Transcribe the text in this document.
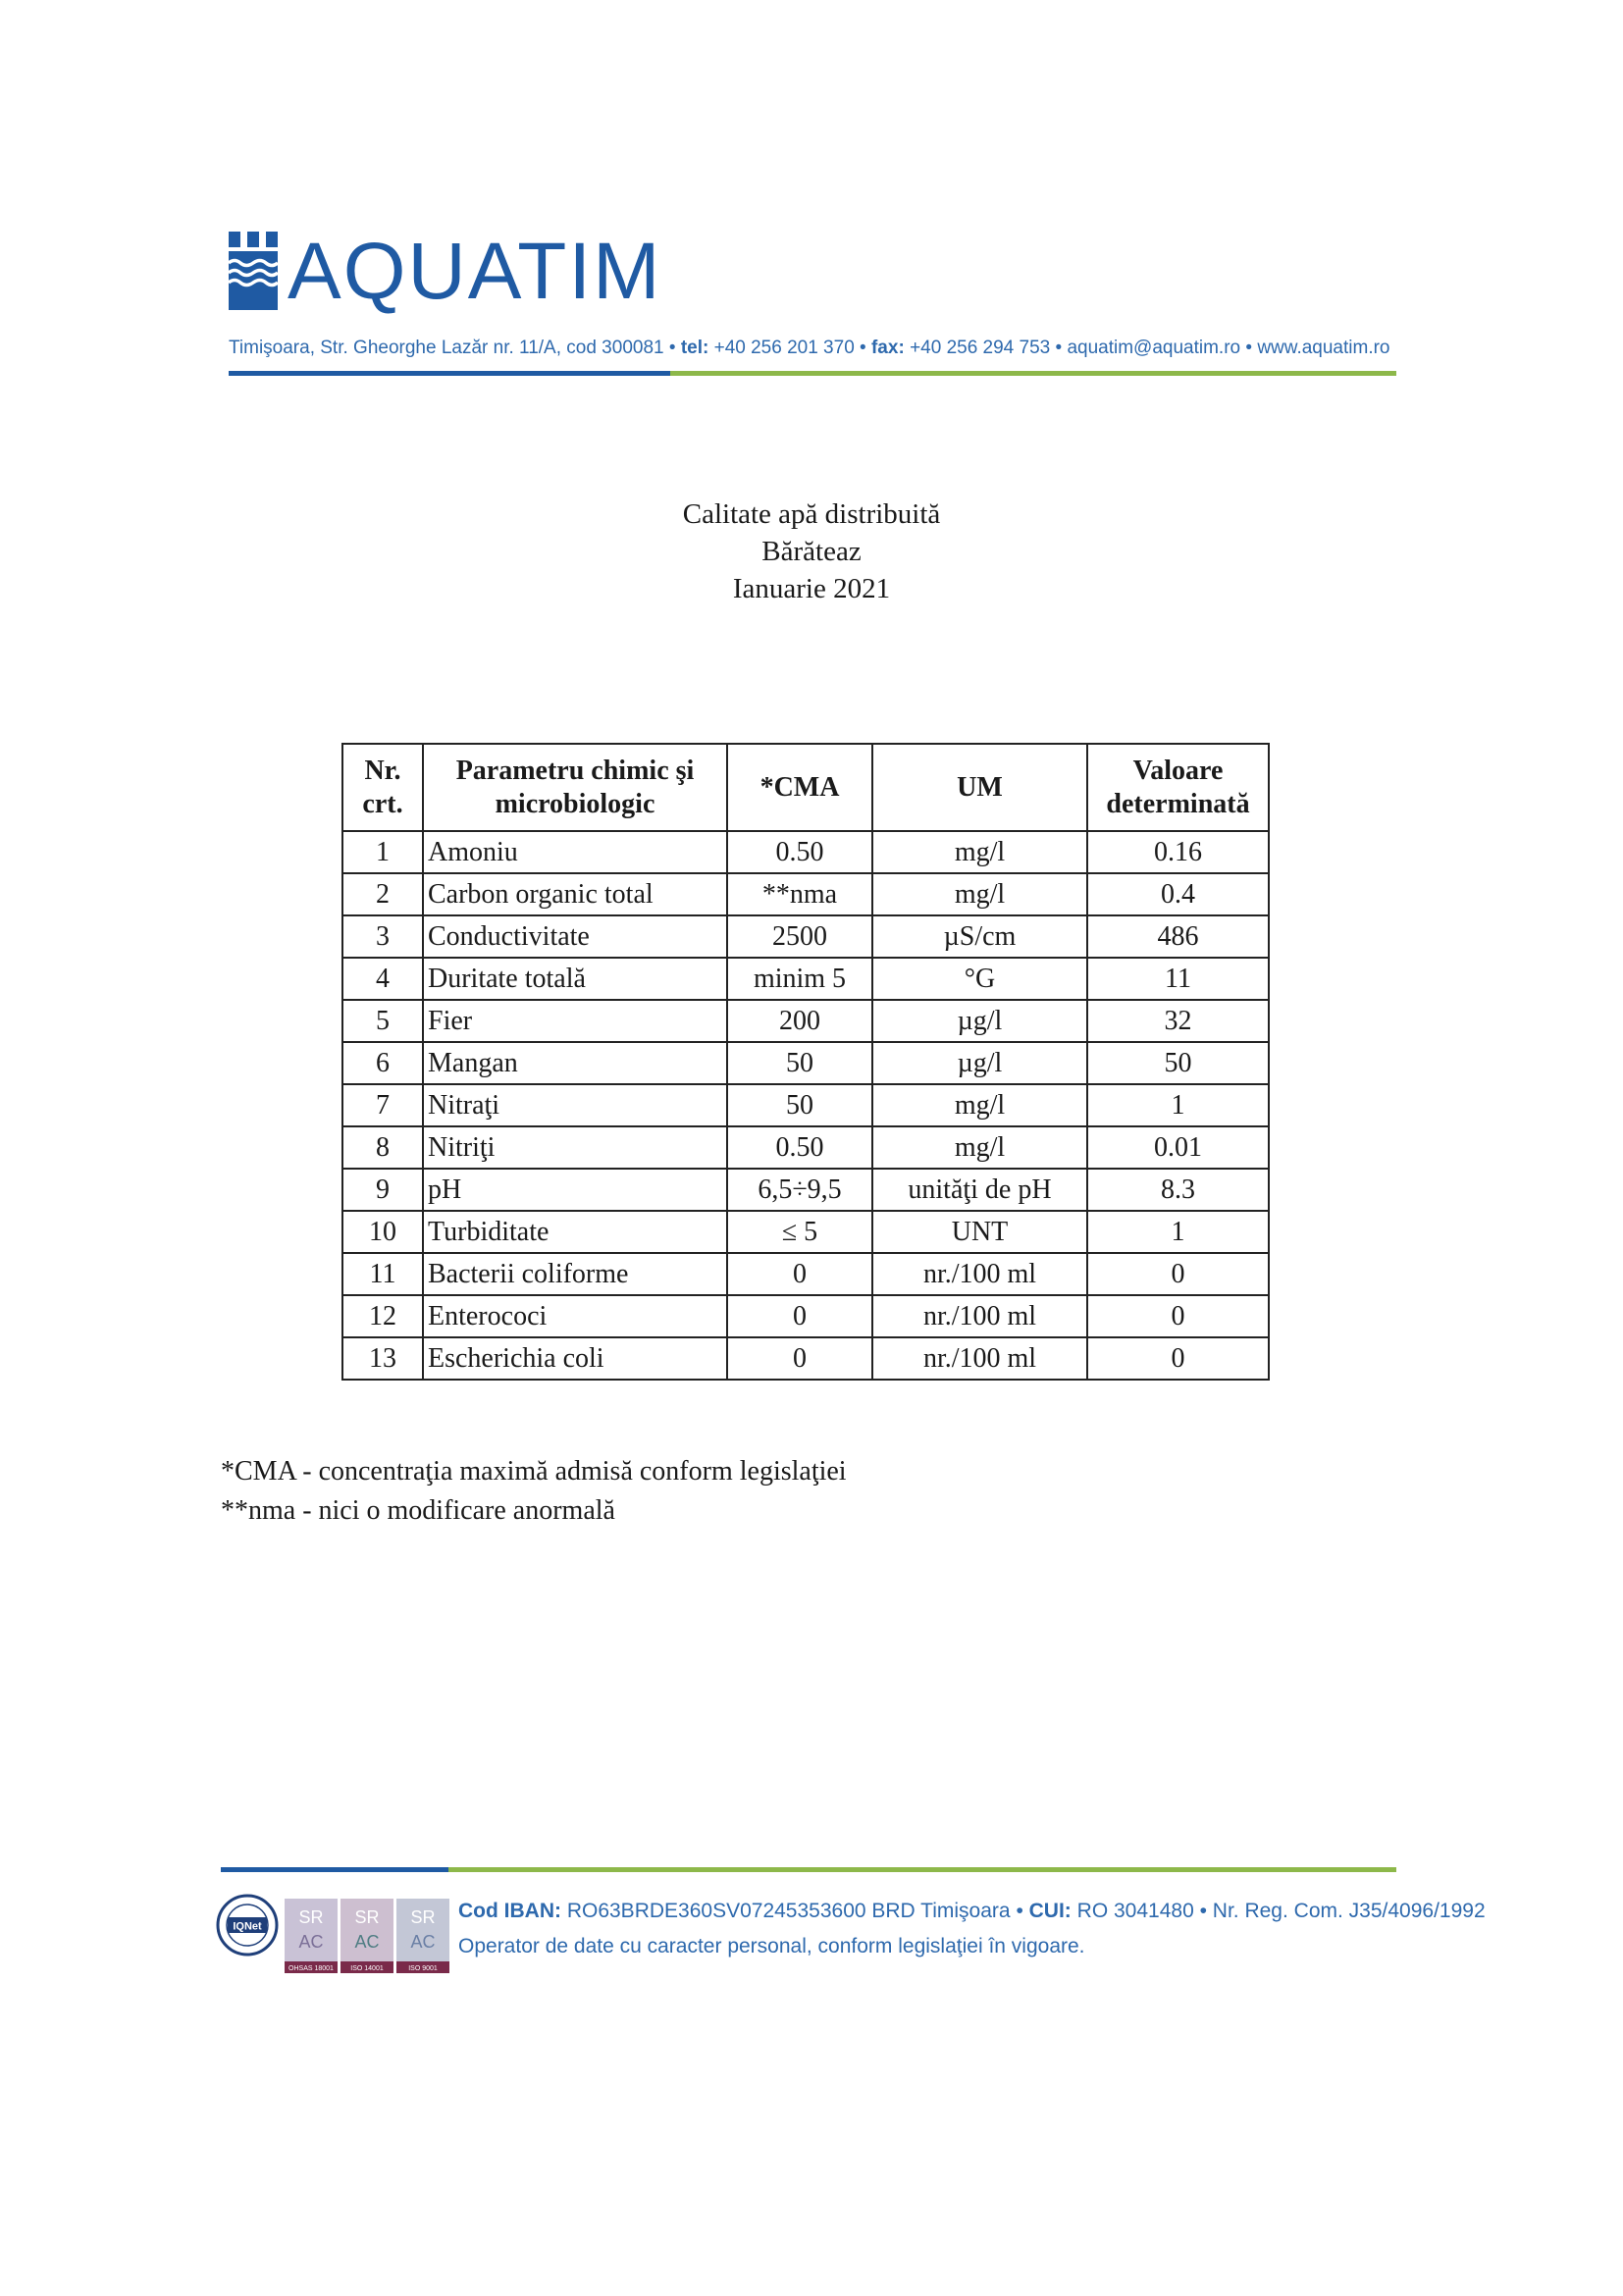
AQUATIM
Timişoara, Str. Gheorghe Lazăr nr. 11/A, cod 300081 • tel: +40 256 201 370 • fax: +40 256 294 753 • aquatim@aquatim.ro • www.aquatim.ro
Calitate apă distribuită
Bărăteaz
Ianuarie 2021
Nr. crt.	Parametru chimic şi microbiologic	*CMA	UM	Valoare determinată
1	Amoniu	0.50	mg/l	0.16
2	Carbon organic total	**nma	mg/l	0.4
3	Conductivitate	2500	µS/cm	486
4	Duritate totală	minim 5	°G	11
5	Fier	200	µg/l	32
6	Mangan	50	µg/l	50
7	Nitraţi	50	mg/l	1
8	Nitriţi	0.50	mg/l	0.01
9	pH	6,5÷9,5	unităţi de pH	8.3
10	Turbiditate	≤ 5	UNT	1
11	Bacterii coliforme	0	nr./100 ml	0
12	Enterococi	0	nr./100 ml	0
13	Escherichia coli	0	nr./100 ml	0
*CMA - concentraţia maximă admisă conform legislaţiei
**nma - nici o modificare anormală
IQNet SR
AC
OHSAS 18001
SR
AC
ISO 14001
SR
AC
ISO 9001
Cod IBAN: RO63BRDE360SV07245353600 BRD Timişoara • CUI: RO 3041480 • Nr. Reg. Com. J35/4096/1992
Operator de date cu caracter personal, conform legislaţiei în vigoare.
